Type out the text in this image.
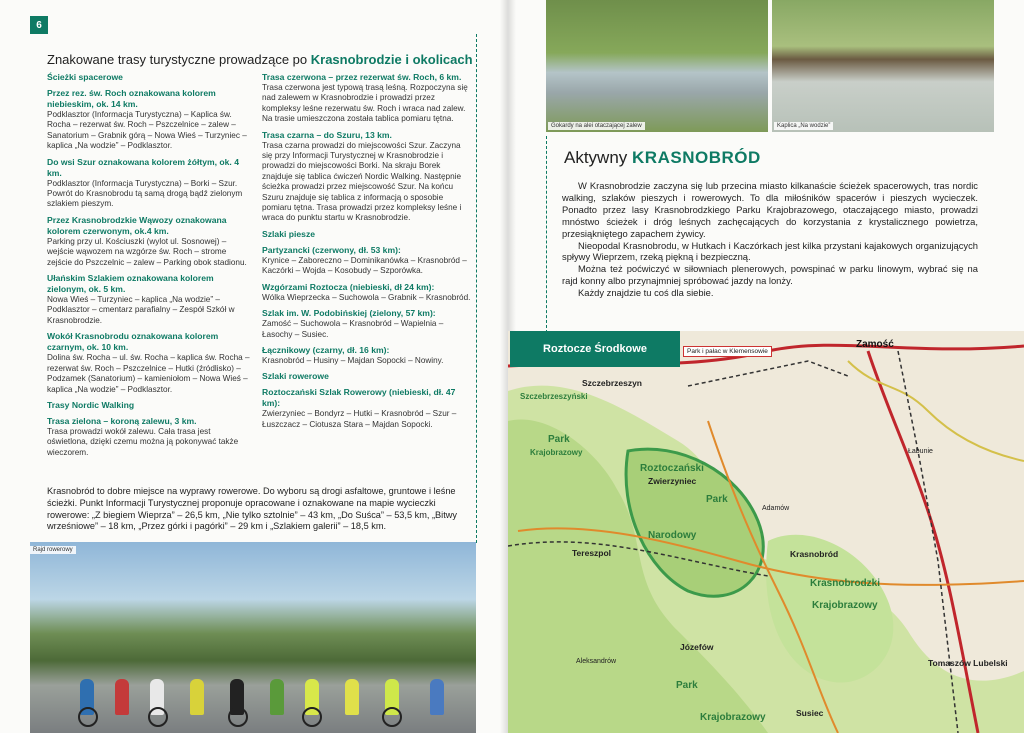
6
Znakowane trasy turystyczne prowadzące po Krasnobrodzie i okolicach
Ścieżki spacerowe
Przez rez. św. Roch oznakowana kolorem niebieskim, ok. 14 km.

Podklasztor (Informacja Turystyczna) – Kaplica św. Rocha – rezerwat św. Roch – Pszczelnice – zalew – Sanatorium – Grabnik górą – Nowa Wieś – Turzyniec – kaplica „Na wodzie” – Podklasztor.

Do wsi Szur oznakowana kolorem żółtym, ok. 4 km.

Podklasztor (Informacja Turystyczna) – Borki – Szur. Powrót do Krasnobrodu tą samą drogą bądź zielonym szlakiem pieszym.

Przez Krasnobrodzkie Wąwozy oznakowana kolorem czerwonym, ok.4 km.

Parking przy ul. Kościuszki (wylot ul. Sosnowej) – wejście wąwozem na wzgórze św. Roch – strome zejście do Pszczelnic – zalew – Parking obok stadionu.

Ułańskim Szlakiem oznakowana kolorem zielonym, ok. 5 km.

Nowa Wieś – Turzyniec – kaplica „Na wodzie” – Podklasztor – cmentarz parafialny – Zespół Szkół w Krasnobrodzie.

Wokół Krasnobrodu oznakowana kolorem czarnym, ok. 10 km.

Dolina św. Rocha – ul. św. Rocha – kaplica św. Rocha – rezerwat św. Roch – Pszczelnice – Hutki (źródlisko) – Podzamek (Sanatorium) – kamieniołom – Nowa Wieś – kaplica „Na wodzie” – Podklasztor.

Trasy Nordic Walking
Trasa zielona – koroną zalewu, 3 km.

Trasa prowadzi wokół zalewu. Cała trasa jest oświetlona, dzięki czemu można ją pokonywać także wieczorem.

Trasa czerwona – przez rezerwat św. Roch, 6 km.

Trasa czerwona jest typową trasą leśną. Rozpoczyna się nad zalewem w Krasnobrodzie i prowadzi przez kompleksy leśne rezerwatu św. Roch i wraca nad zalew. Na trasie umieszczona została tablica pomiaru tętna.

Trasa czarna – do Szuru, 13 km.

Trasa czarna prowadzi do miejscowości Szur. Zaczyna się przy Informacji Turystycznej w Krasnobrodzie i prowadzi do miejscowości Borki. Na skraju Borek znajduje się tablica ćwiczeń Nordic Walking. Następnie ścieżka prowadzi przez miejscowość Szur. Na końcu Szuru znajduje się tablica z informacją o sposobie pomiaru tętna. Trasa prowadzi przez kompleksy leśne i wraca do punktu startu w Krasnobrodzie.

Szlaki piesze
Partyzancki (czerwony, dł. 53 km):

Krynice – Zaboreczno – Dominikanówka – Krasnobród – Kaczórki – Wojda – Kosobudy – Szporówka.

Wzgórzami Roztocza (niebieski, dł 24 km):

Wólka Wieprzecka – Suchowola – Grabnik – Krasnobród.

Szlak im. W. Podobińskiej (zielony, 57 km):

Zamość – Suchowola – Krasnobród – Wapielnia – Łasochy – Susiec.

Łącznikowy (czarny, dł. 16 km):

Krasnobród – Husiny – Majdan Sopocki – Nowiny.

Szlaki rowerowe
Roztoczański Szlak Rowerowy (niebieski, dł. 47 km):

Zwierzyniec – Bondyrz – Hutki – Krasnobród – Szur – Łuszczacz – Ciotusza Stara – Majdan Sopocki.

Krasnobród to dobre miejsce na wyprawy rowerowe. Do wyboru są drogi asfaltowe, gruntowe i leśne ścieżki. Punkt Informacji Turystycznej proponuje opracowane i oznakowane na mapie wycieczki rowerowe: „Z biegiem Wieprza” – 26,5 km, „Nie tylko sztolnie” – 43 km, „Do Suśca” – 53,5 km, „Bitwy wrześniowe” – 18 km, „Przez górki i pagórki” – 29 km i „Szlakiem galerii” – 18,5 km.
Rajd rowerowy
Gokardy na alei otaczającej zalew	Kaplica „Na wodzie”
Aktywny KRASNOBRÓD

W Krasnobrodzie zaczyna się lub przecina miasto kilkanaście ścieżek spacerowych, tras nordic walking, szlaków pieszych i rowerowych. To dla miłośników spacerów i pieszych wycieczek. Ponadto przez lasy Krasnobrodzkiego Parku Krajobrazowego, otaczającego miasto, prowadzi mnóstwo ścieżek i dróg leśnych zachęcających do korzystania z krystalicznego powietrza, przesiąkniętego zapachem żywicy.

Nieopodal Krasnobrodu, w Hutkach i Kaczórkach jest kilka przystani kajakowych organizujących spływy Wieprzem, rzeką piękną i bezpieczną.

Można też poćwiczyć w siłowniach plenerowych, powspinać w parku linowym, wybrać się na rajd konny albo przynajmniej spróbować jazdy na lonży.

Każdy znajdzie tu coś dla siebie.

Roztocze Środkowe	Park i pałac w Klemensowie
Zamość
Szczebrzeszyn
Szczebrzeszyński
Park
Krajobrazowy
Roztoczański
Zwierzyniec
Park
Narodowy
Tereszpol	Krasnobród
Krasnobrodzki
Krajobrazowy
Józefów
Aleksandrów
Park
Krajobrazowy	Susiec
Tomaszów Lubelski
Łabunie
Adamów
